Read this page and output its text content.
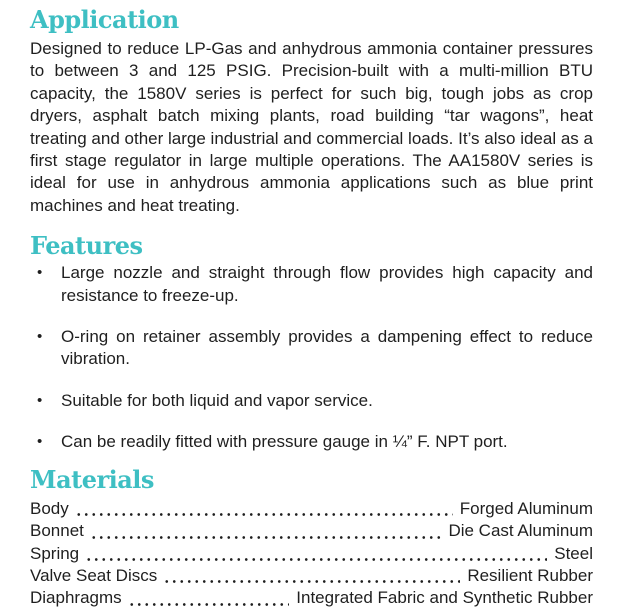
Application

Designed to reduce LP-Gas and anhydrous ammonia container pressures to between 3 and 125 PSIG. Precision-built with a multi-million BTU capacity, the 1580V series is perfect for such big, tough jobs as crop dryers, asphalt batch mixing plants, road building “tar wagons”, heat treating and other large industrial and commercial loads. It’s also ideal as a first stage regulator in large multiple operations. The AA1580V series is ideal for use in anhydrous ammonia applications such as blue print machines and heat treating.

Features
•	Large nozzle and straight through flow provides high capacity and resistance to freeze-up.
•	O-ring on retainer assembly provides a dampening effect to reduce vibration.
•	Suitable for both liquid and vapor service.
•	Can be readily fitted with pressure gauge in ¼” F. NPT port.
Materials
Body	Forged Aluminum
Bonnet	Die Cast Aluminum
Spring	Steel
Valve Seat Discs	Resilient Rubber
Diaphragms	Integrated Fabric and Synthetic Rubber
